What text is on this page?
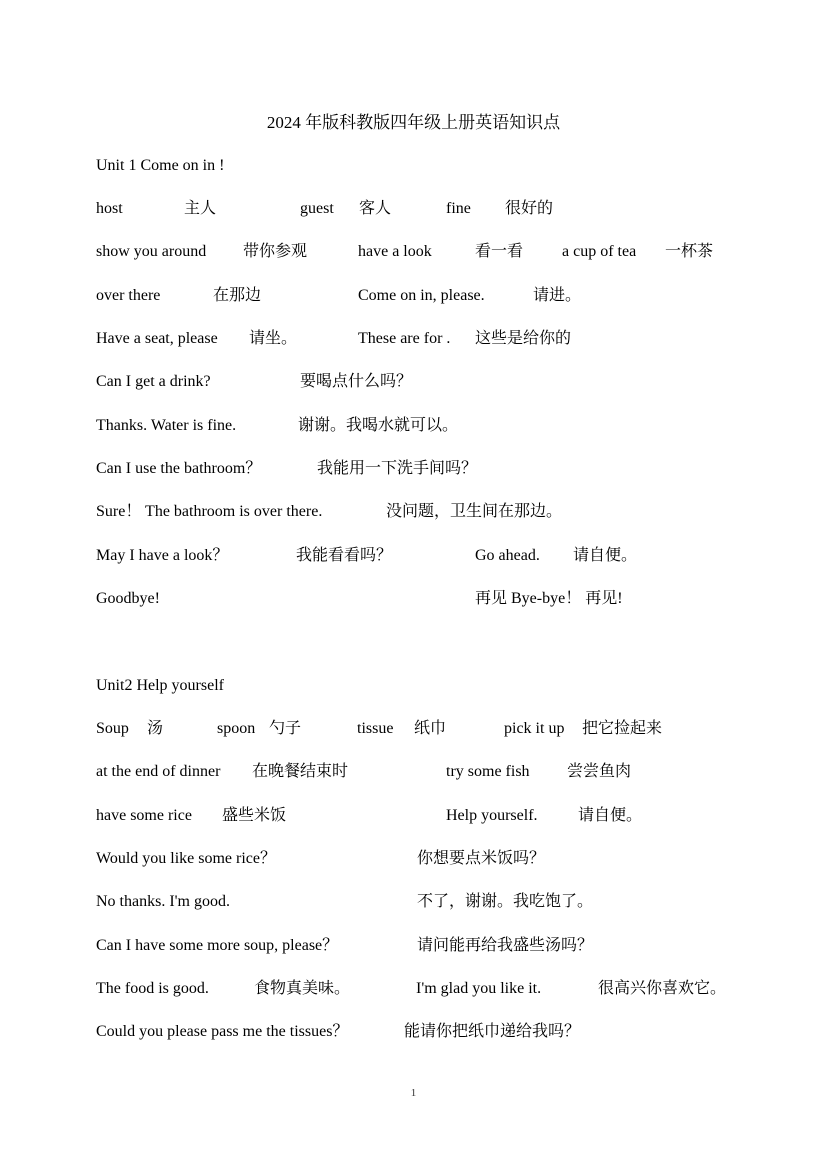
2024 年版科教版四年级上册英语知识点
Unit 1 Come on in !
host	主人	guest 客人	fine 很好的
show you around 带你参观	have a look	看一看 a cup of tea 一杯茶
over there	在那边	Come on in, please.	请进。
Have a seat, please 请坐。	These are for . 这些是给你的
Can I get a drink?	要喝点什么吗？
Thanks. Water is fine.	谢谢。我喝水就可以。
Can I use the bathroom？	我能用一下洗手间吗？
Sure！ The bathroom is over there.	没问题，卫生间在那边。
May I have a look？	我能看看吗？	Go ahead. 请自便。
Goodbye!	再见 Bye-bye！ 再见!
Unit2 Help yourself
Soup 汤	spoon 勺子	tissue 纸巾	pick it up 把它捡起来
at the end of dinner 在晚餐结束时	try some fish 尝尝鱼肉
have some rice 盛些米饭	Help yourself.	请自便。
Would you like some rice？	你想要点米饭吗？
No thanks. I'm good.	不了，谢谢。我吃饱了。
Can I have some more soup, please？	请问能再给我盛些汤吗？
The food is good.	食物真美味。	I'm glad you like it.	很高兴你喜欢它。
Could you please pass me the tissues？	能请你把纸巾递给我吗？
1
